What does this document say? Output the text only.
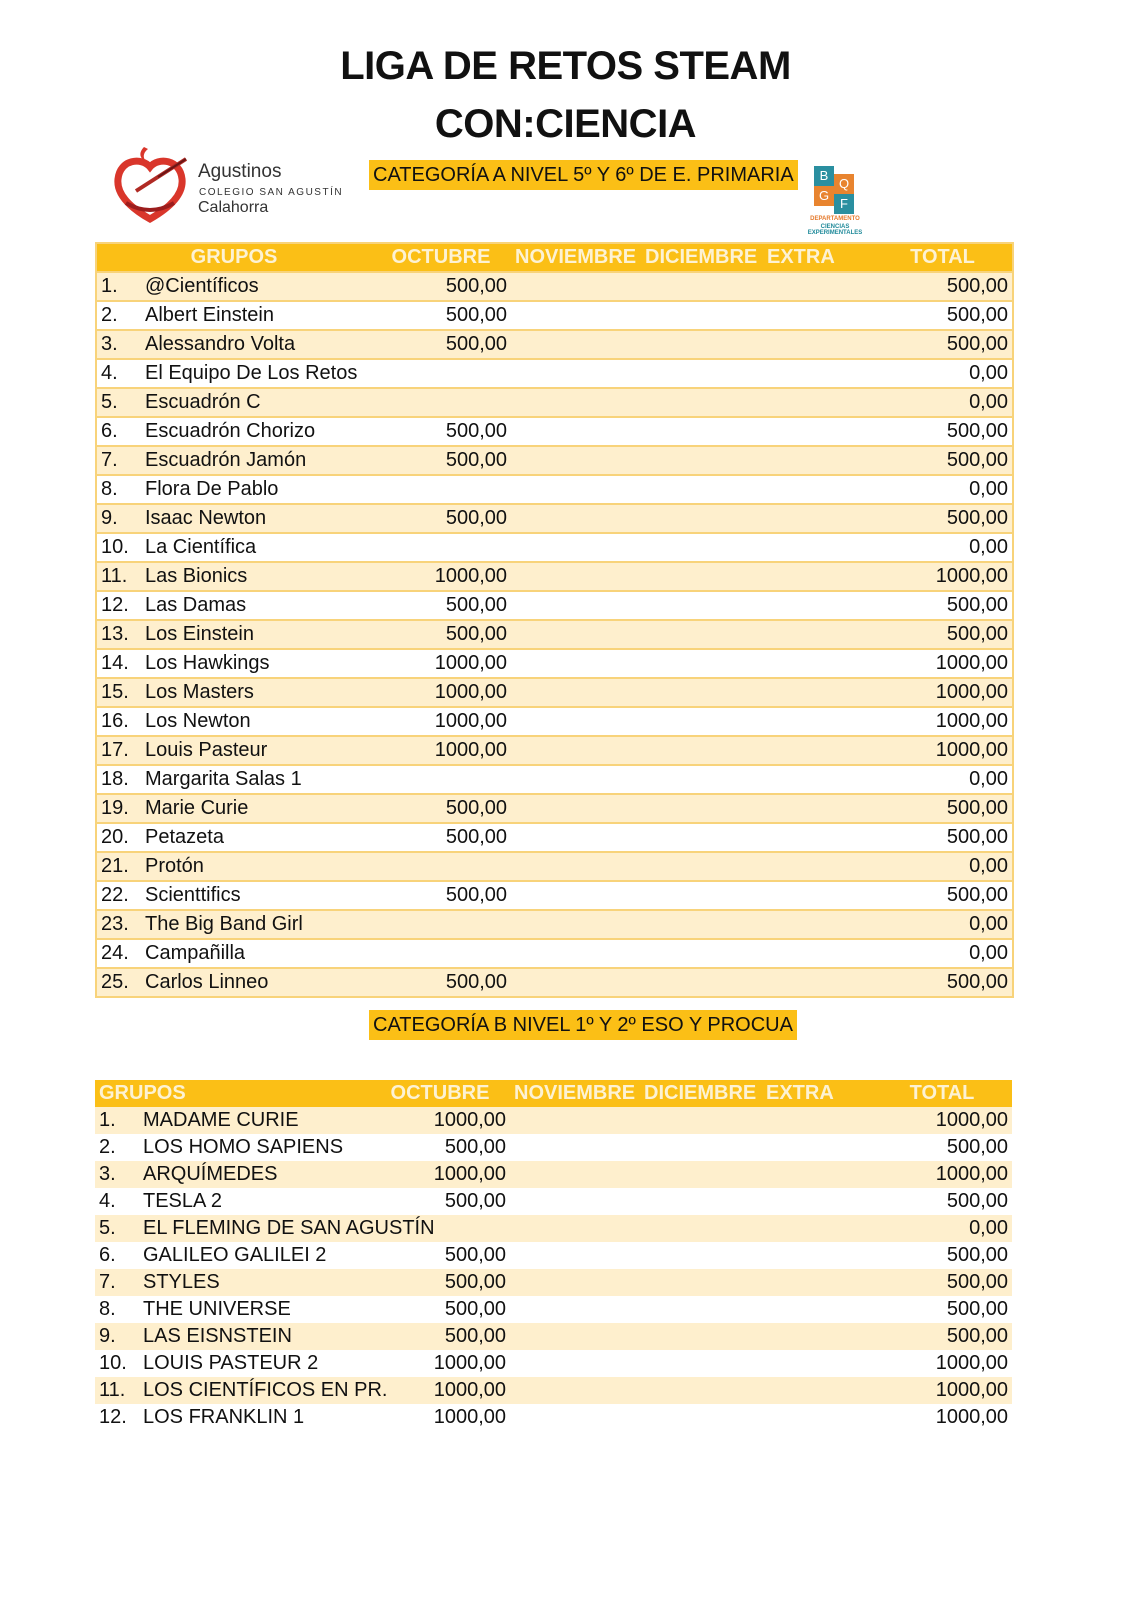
LIGA DE RETOS STEAM
CON:CIENCIA
Agustinos
COLEGIO SAN AGUSTÍN
Calahorra
CATEGORÍA A NIVEL 5º Y 6º DE E. PRIMARIA	B
Q
G
F
DEPARTAMENTO
CIENCIAS EXPERIMENTALES
GRUPOS	OCTUBRE	NOVIEMBRE	DICIEMBRE	EXTRA	TOTAL
1. @Científicos	500,00				500,00
2. Albert Einstein	500,00				500,00
3. Alessandro Volta	500,00				500,00
4. El Equipo De Los Retos					0,00
5. Escuadrón C					0,00
6. Escuadrón Chorizo	500,00				500,00
7. Escuadrón Jamón	500,00				500,00
8. Flora De Pablo					0,00
9. Isaac Newton	500,00				500,00
10. La Científica					0,00
11. Las Bionics	1000,00				1000,00
12. Las Damas	500,00				500,00
13. Los Einstein	500,00				500,00
14. Los Hawkings	1000,00				1000,00
15. Los Masters	1000,00				1000,00
16. Los Newton	1000,00				1000,00
17. Louis Pasteur	1000,00				1000,00
18. Margarita Salas 1					0,00
19. Marie Curie	500,00				500,00
20. Petazeta	500,00				500,00
21. Protón					0,00
22. Scienttifics	500,00				500,00
23. The Big Band Girl					0,00
24. Campañilla					0,00
25. Carlos Linneo	500,00				500,00
CATEGORÍA B NIVEL 1º Y 2º ESO Y PROCUA
GRUPOS	OCTUBRE	NOVIEMBRE	DICIEMBRE	EXTRA	TOTAL
1. MADAME CURIE	1000,00				1000,00
2. LOS HOMO SAPIENS	500,00				500,00
3. ARQUÍMEDES	1000,00				1000,00
4. TESLA 2	500,00				500,00
5. EL FLEMING DE SAN AGUSTÍN					0,00
6. GALILEO GALILEI 2	500,00				500,00
7. STYLES	500,00				500,00
8. THE UNIVERSE	500,00				500,00
9. LAS EISNSTEIN	500,00				500,00
10. LOUIS PASTEUR 2	1000,00				1000,00
11. LOS CIENTÍFICOS EN PR.	1000,00				1000,00
12. LOS FRANKLIN 1	1000,00				1000,00
